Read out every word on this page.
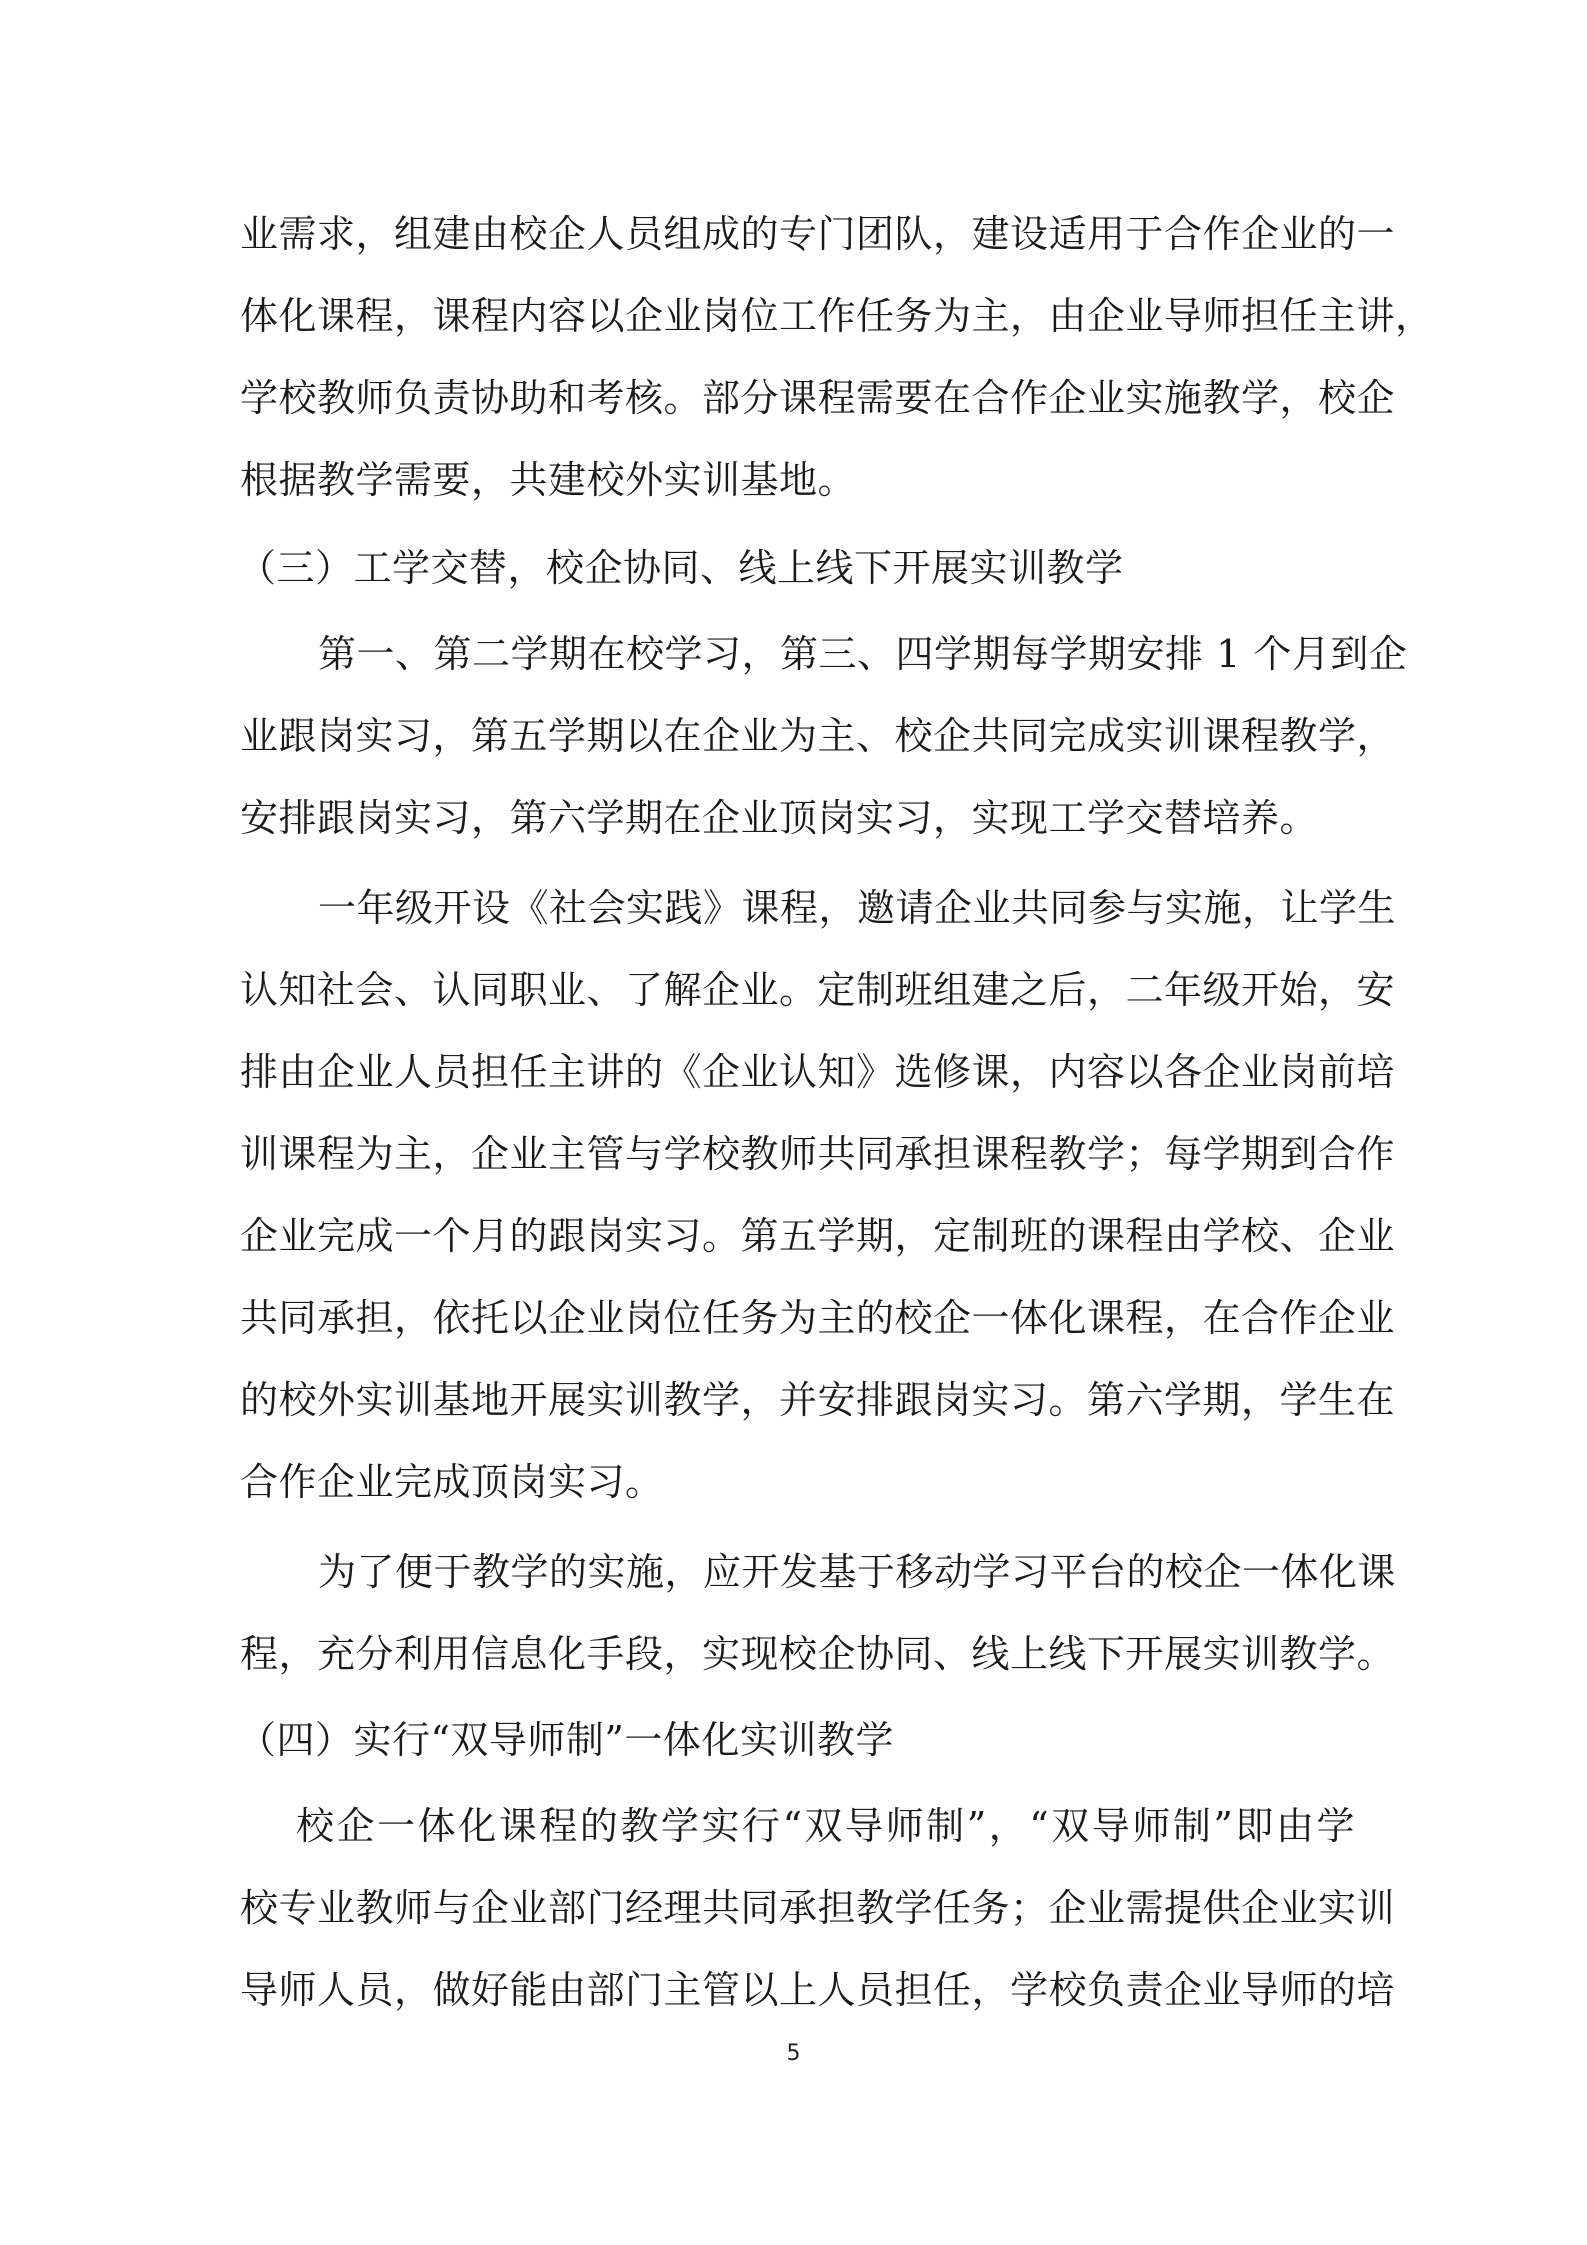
业需求，组建由校企人员组成的专门团队，建设适用于合作企业的一

体化课程，课程内容以企业岗位工作任务为主，由企业导师担任主讲，

学校教师负责协助和考核。部分课程需要在合作企业实施教学，校企

根据教学需要，共建校外实训基地。

（三）工学交替，校企协同、线上线下开展实训教学

第一、第二学期在校学习，第三、四学期每学期安排 1 个月到企

业跟岗实习，第五学期以在企业为主、校企共同完成实训课程教学，

安排跟岗实习，第六学期在企业顶岗实习，实现工学交替培养。

一年级开设《社会实践》课程，邀请企业共同参与实施，让学生

认知社会、认同职业、了解企业。定制班组建之后，二年级开始，安

排由企业人员担任主讲的《企业认知》选修课，内容以各企业岗前培

训课程为主，企业主管与学校教师共同承担课程教学；每学期到合作

企业完成一个月的跟岗实习。第五学期，定制班的课程由学校、企业

共同承担，依托以企业岗位任务为主的校企一体化课程，在合作企业

的校外实训基地开展实训教学，并安排跟岗实习。第六学期，学生在

合作企业完成顶岗实习。

为了便于教学的实施，应开发基于移动学习平台的校企一体化课

程，充分利用信息化手段，实现校企协同、线上线下开展实训教学。

（四）实行“双导师制”一体化实训教学

校企一体化课程的教学实行“双导师制”，“双导师制”即由学

校专业教师与企业部门经理共同承担教学任务；企业需提供企业实训

导师人员，做好能由部门主管以上人员担任，学校负责企业导师的培

5
